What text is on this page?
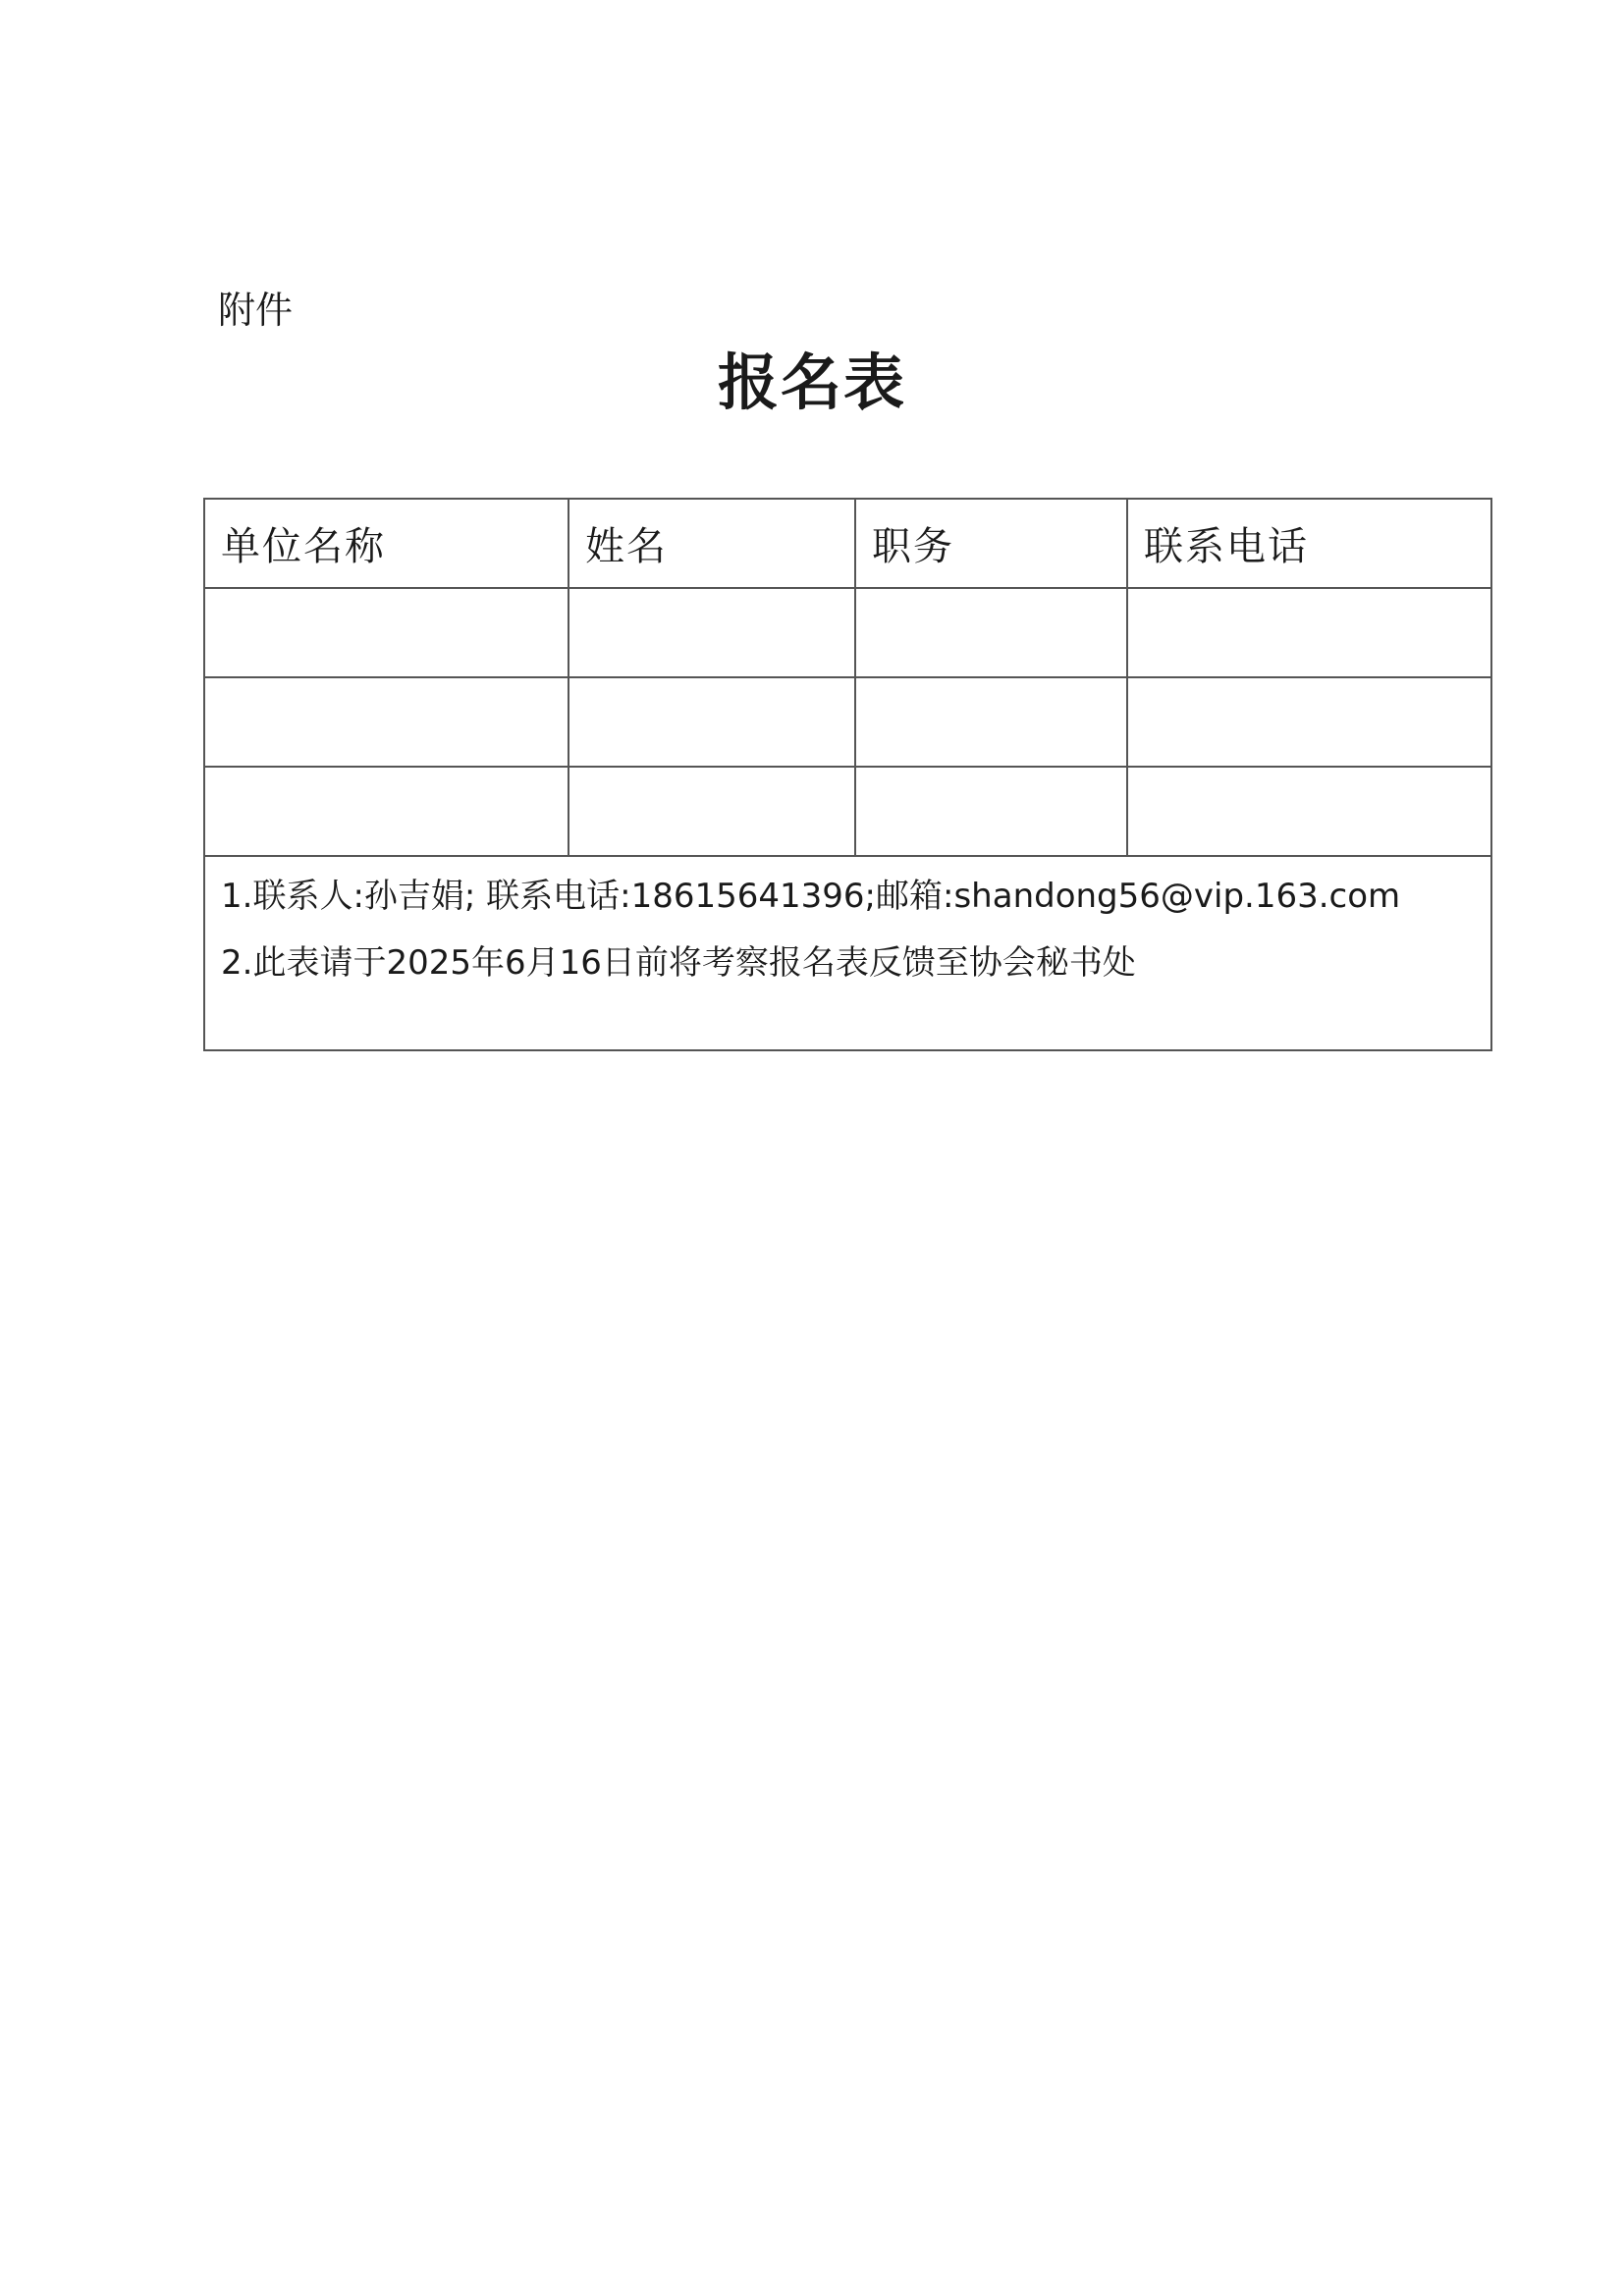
附件
报名表
单位名称	姓名	职务	联系电话

1.联系人:孙吉娟; 联系电话:18615641396;邮箱:shandong56@vip.163.com
2.此表请于2025年6月16日前将考察报名表反馈至协会秘书处			
